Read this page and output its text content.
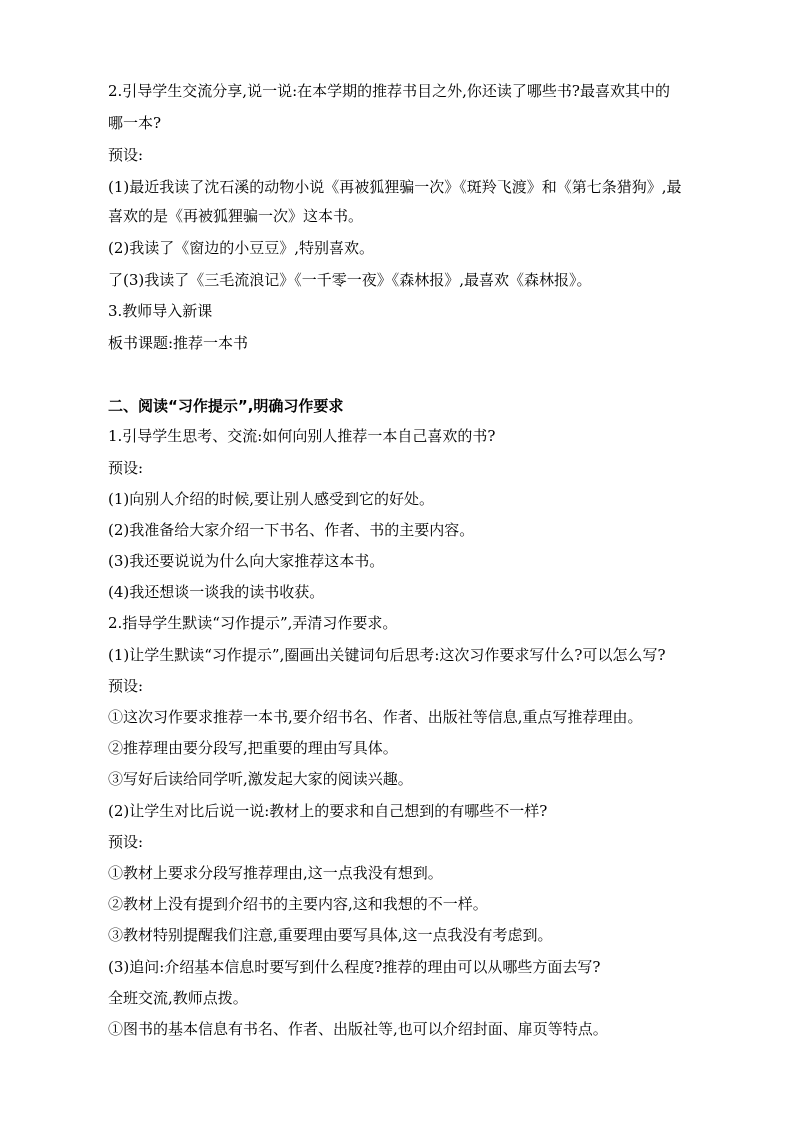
2.引导学生交流分享,说一说:在本学期的推荐书目之外,你还读了哪些书?最喜欢其中的
哪一本?
预设:
(1)最近我读了沈石溪的动物小说《再被狐狸骗一次》《斑羚飞渡》和《第七条猎狗》,最
喜欢的是《再被狐狸骗一次》这本书。
(2)我读了《窗边的小豆豆》,特别喜欢。
了(3)我读了《三毛流浪记》《一千零一夜》《森林报》,最喜欢《森林报》。
3.教师导入新课
板书课题:推荐一本书
二、阅读“习作提示”,明确习作要求
1.引导学生思考、交流:如何向别人推荐一本自己喜欢的书?
预设:
(1)向别人介绍的时候,要让别人感受到它的好处。
(2)我准备给大家介绍一下书名、作者、书的主要内容。
(3)我还要说说为什么向大家推荐这本书。
(4)我还想谈一谈我的读书收获。
2.指导学生默读“习作提示”,弄清习作要求。
(1)让学生默读“习作提示”,圈画出关键词句后思考:这次习作要求写什么?可以怎么写?
预设:
①这次习作要求推荐一本书,要介绍书名、作者、出版社等信息,重点写推荐理由。
②推荐理由要分段写,把重要的理由写具体。
③写好后读给同学听,激发起大家的阅读兴趣。
(2)让学生对比后说一说:教材上的要求和自己想到的有哪些不一样?
预设:
①教材上要求分段写推荐理由,这一点我没有想到。
②教材上没有提到介绍书的主要内容,这和我想的不一样。
③教材特别提醒我们注意,重要理由要写具体,这一点我没有考虑到。
(3)追问:介绍基本信息时要写到什么程度?推荐的理由可以从哪些方面去写?
全班交流,教师点拨。
①图书的基本信息有书名、作者、出版社等,也可以介绍封面、扉页等特点。
